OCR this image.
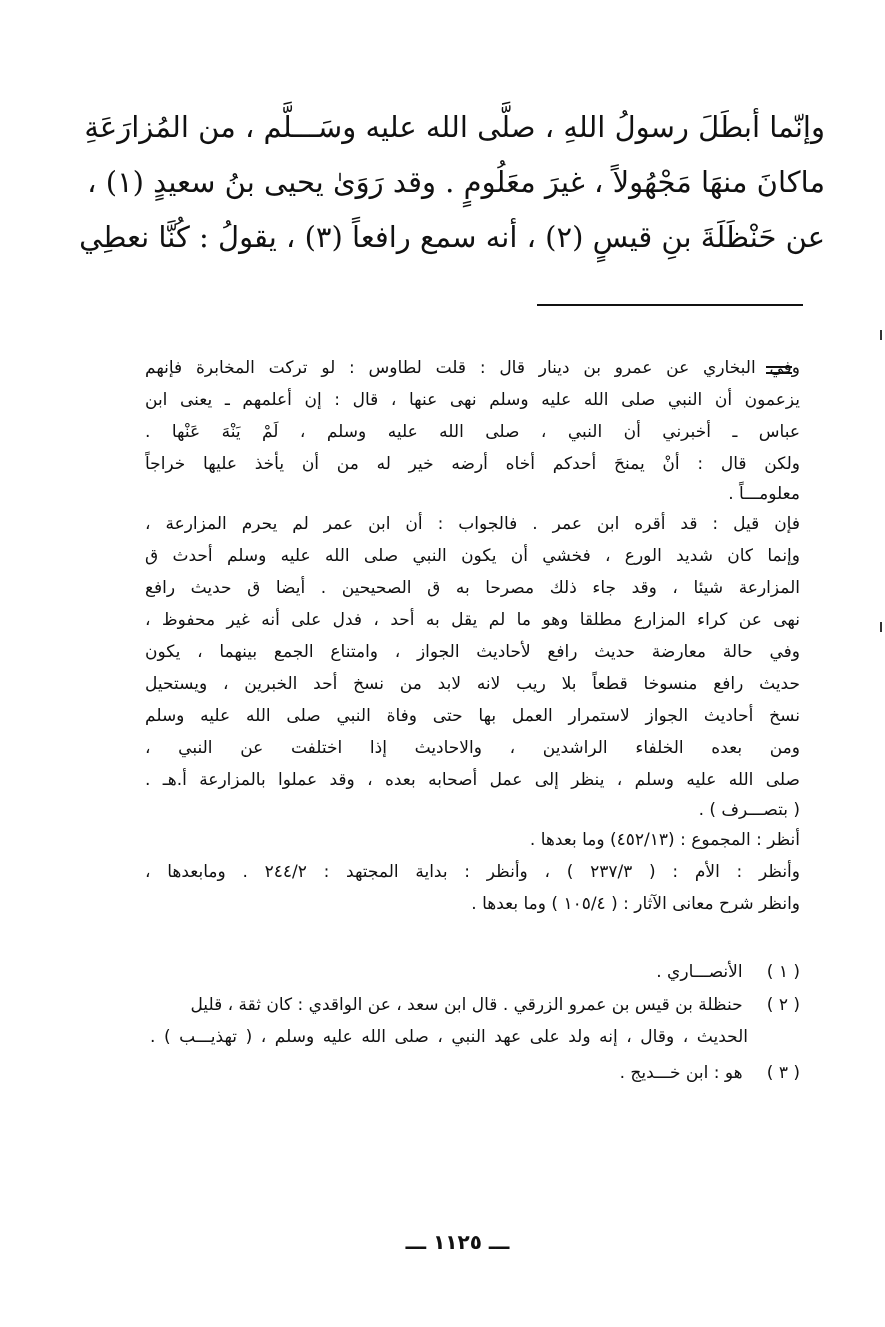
وإنّما أبطَلَ رسولُ اللهِ ، صلَّى الله عليه وسَـــلَّم ، من المُزارَعَةِ
ماكانَ منهَا مَجْهُولاً ، غيرَ معَلُومٍ . وقد رَوَىٰ يحيى بنُ سعيدٍ (١) ،
عن حَنْظَلَةَ بنِ قيسٍ (٢) ، أنه سمع رافعاً (٣) ، يقولُ : كُنَّا نعطِي
وفي البخاري عن عمرو بن دينار قال : قلت لطاوس : لو تركت المخابرة فإنهم
يزعمون أن النبي صلى الله عليه وسلم نهى عنها ، قال : إن أعلمهم ـ يعنى ابن
عباس ـ أخبرني أن النبي ، صلى الله عليه وسلم ، لَمْ يَنْهَ عَنْها .
ولكن قال : أنْ يمنحَ أحدكم أخاه أرضه خير له من أن يأخذ عليها خراجاً
معلومـــاً .
فإن قيل : قد أقره ابن عمر . فالجواب : أن ابن عمر لم يحرم المزارعة ،
وإنما كان شديد الورع ، فخشي أن يكون النبي صلى الله عليه وسلم أحدث ق
المزارعة شيئا ، وقد جاء ذلك مصرحا به ق الصحيحين . أيضا ق حديث رافع
نهى عن كراء المزارع مطلقا وهو ما لم يقل به أحد ، فدل على أنه غير محفوظ ،
وفي حالة معارضة حديث رافع لأحاديث الجواز ، وامتناع الجمع بينهما ، يكون
حديث رافع منسوخا قطعاً بلا ريب لانه لابد من نسخ أحد الخبرين ، ويستحيل
نسخ أحاديث الجواز لاستمرار العمل بها حتى وفاة النبي صلى الله عليه وسلم
ومن بعده الخلفاء الراشدين ، والاحاديث إذا اختلفت عن النبي ،
صلى الله عليه وسلم ، ينظر إلى عمل أصحابه بعده ، وقد عملوا بالمزارعة أ.هـ .
( بتصـــرف ) .
أنظر : المجموع : (٤٥٢/١٣) وما بعدها .
وأنظر : الأم : ( ٢٣٧/٣ ) ، وأنظر : بداية المجتهد : ٢٤٤/٢ . ومابعدها ،
وانظر شرح معانى الآثار : ( ١٠٥/٤ ) وما بعدها .
( ١ ) الأنصـــاري .
( ٢ ) حنظلة بن قيس بن عمرو الزرقي . قال ابن سعد ، عن الواقدي : كان ثقة ، قليل
الحديث ، وقال ، إنه ولد على عهد النبي ، صلى الله عليه وسلم ، ( تهذيـــب ) .
( ٣ ) هو : ابن خـــديج .
ـــ ١١٢٥ ـــ
